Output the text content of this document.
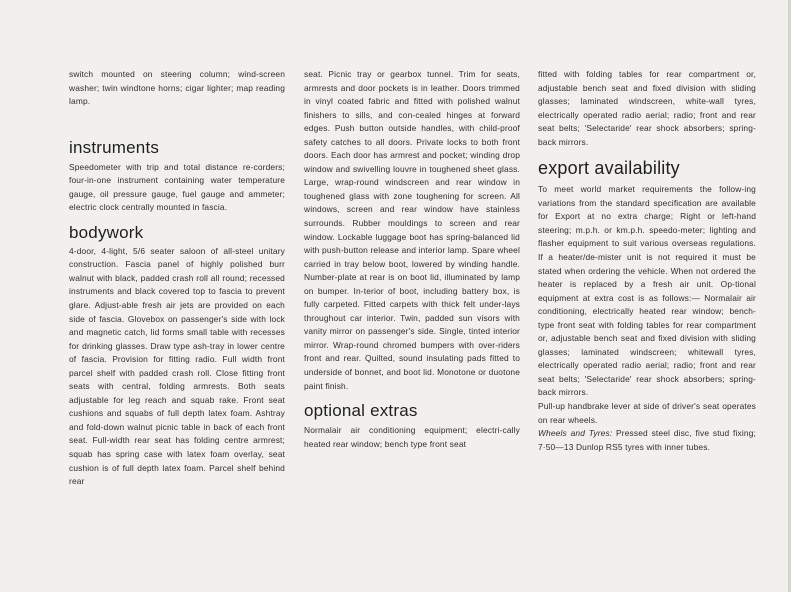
switch mounted on steering column; wind-screen washer; twin windtone horns; cigar lighter; map reading lamp.

instruments

Speedometer with trip and total distance re-corders; four-in-one instrument containing water temperature gauge, oil pressure gauge, fuel gauge and ammeter; electric clock centrally mounted in fascia.

bodywork

4-door, 4-light, 5/6 seater saloon of all-steel unitary construction. Fascia panel of highly polished burr walnut with black, padded crash roll all round; recessed instruments and black covered top to fascia to prevent glare. Adjust-able fresh air jets are provided on each side of fascia. Glovebox on passenger's side with lock and magnetic catch, lid forms small table with recesses for drinking glasses. Draw type ash-tray in lower centre of fascia. Provision for fitting radio. Full width front parcel shelf with padded crash roll. Close fitting front seats with central, folding armrests. Both seats adjustable for leg reach and squab rake. Front seat cushions and squabs of full depth latex foam. Ashtray and fold-down walnut picnic table in back of each front seat. Full-width rear seat has folding centre armrest; squab has spring case with latex foam overlay, seat cushion is of full depth latex foam. Parcel shelf behind rear

seat. Picnic tray or gearbox tunnel. Trim for seats, armrests and door pockets is in leather. Doors trimmed in vinyl coated fabric and fitted with polished walnut finishers to sills, and con-cealed hinges at forward edges. Push button outside handles, with child-proof safety catches to all doors. Private locks to both front doors. Each door has armrest and pocket; winding drop window and swivelling louvre in toughened sheet glass. Large, wrap-round windscreen and rear window in toughened glass with zone toughening for screen. All windows, screen and rear window have stainless surrounds. Rubber mouldings to screen and rear window. Lockable luggage boot has spring-balanced lid with push-button release and interior lamp. Spare wheel carried in tray below boot, lowered by winding handle. Number-plate at rear is on boot lid, illuminated by lamp on bumper. In-terior of boot, including battery box, is fully carpeted. Fitted carpets with thick felt under-lays throughout car interior. Twin, padded sun visors with vanity mirror on passenger's side. Single, tinted interior mirror. Wrap-round chromed bumpers with over-riders front and rear. Quilted, sound insulating pads fitted to underside of bonnet, and boot lid. Monotone or duotone paint finish.

optional extras

Normalair air conditioning equipment; electri-cally heated rear window; bench type front seat

fitted with folding tables for rear compartment or, adjustable bench seat and fixed division with sliding glasses; laminated windscreen, white-wall tyres, electrically operated radio aerial; radio; front and rear seat belts; 'Selectaride' rear shock absorbers; spring-back mirrors.

export availability

To meet world market requirements the follow-ing variations from the standard specification are available for Export at no extra charge; Right or left-hand steering; m.p.h. or km.p.h. speedo-meter; lighting and flasher equipment to suit various overseas regulations. If a heater/de-mister unit is not required it must be stated when ordering the vehicle. When not ordered the heater is replaced by a fresh air unit. Op-tional equipment at extra cost is as follows:— Normalair air conditioning, electrically heated rear window; bench-type front seat with folding tables for rear compartment or, adjustable bench seat and fixed division with sliding glasses; laminated windscreen; whitewall tyres, electrically operated radio aerial; radio; front and rear seat belts; 'Selectaride' rear shock absorbers; spring-back mirrors.

Pull-up handbrake lever at side of driver's seat operates on rear wheels.

Wheels and Tyres: Pressed steel disc, five stud fixing; 7·50—13 Dunlop RS5 tyres with inner tubes.
